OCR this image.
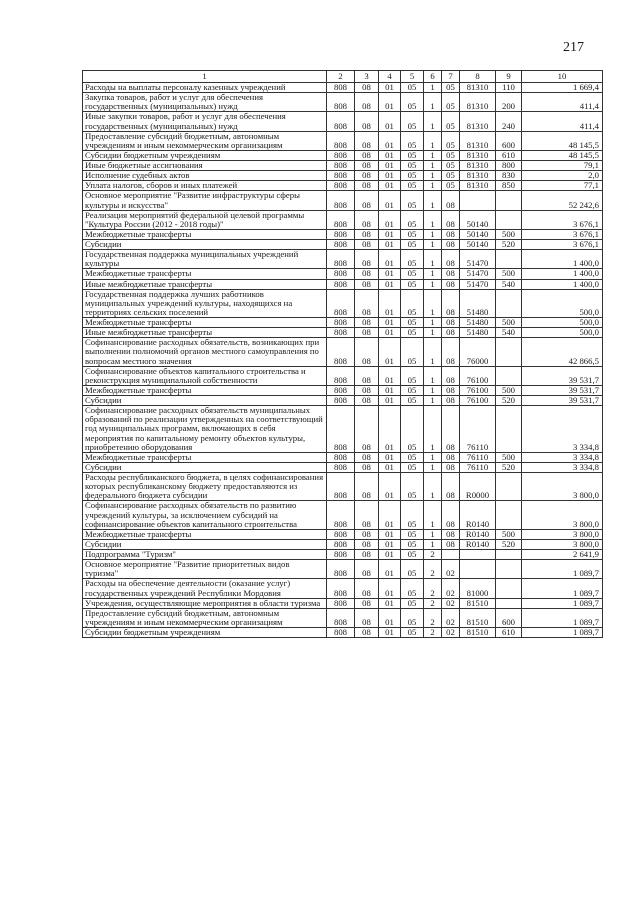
217
1	2	3	4	5	6	7	8	9	10
Расходы на выплаты персоналу казенных учреждений	808	08	01	05	1	05	81310	110	1 669,4
Закупка товаров, работ и услуг для обеспечения государственных (муниципальных) нужд	808	08	01	05	1	05	81310	200	411,4
Иные закупки товаров, работ и услуг для обеспечения государственных (муниципальных) нужд	808	08	01	05	1	05	81310	240	411,4
Предоставление субсидий бюджетным, автономным учреждениям и иным некоммерческим организациям	808	08	01	05	1	05	81310	600	48 145,5
Субсидии бюджетным учреждениям	808	08	01	05	1	05	81310	610	48 145,5
Иные бюджетные ассигнования	808	08	01	05	1	05	81310	800	79,1
Исполнение судебных актов	808	08	01	05	1	05	81310	830	2,0
Уплата налогов, сборов и иных платежей	808	08	01	05	1	05	81310	850	77,1
Основное мероприятие "Развитие инфраструктуры сферы культуры и искусства"	808	08	01	05	1	08			52 242,6
Реализация мероприятий федеральной целевой программы "Культура России (2012 - 2018 годы)"	808	08	01	05	1	08	50140		3 676,1
Межбюджетные трансферты	808	08	01	05	1	08	50140	500	3 676,1
Субсидии	808	08	01	05	1	08	50140	520	3 676,1
Государственная поддержка муниципальных учреждений культуры	808	08	01	05	1	08	51470		1 400,0
Межбюджетные трансферты	808	08	01	05	1	08	51470	500	1 400,0
Иные межбюджетные трансферты	808	08	01	05	1	08	51470	540	1 400,0
Государственная поддержка лучших работников муниципальных учреждений культуры, находящихся на территориях сельских поселений	808	08	01	05	1	08	51480		500,0
Межбюджетные трансферты	808	08	01	05	1	08	51480	500	500,0
Иные межбюджетные трансферты	808	08	01	05	1	08	51480	540	500,0
Софинансирование расходных обязательств, возникающих при выполнении полномочий органов местного самоуправления по вопросам местного значения	808	08	01	05	1	08	76000		42 866,5
Софинансирование объектов капитального строительства и реконструкция муниципальной собственности	808	08	01	05	1	08	76100		39 531,7
Межбюджетные трансферты	808	08	01	05	1	08	76100	500	39 531,7
Субсидии	808	08	01	05	1	08	76100	520	39 531,7
Софинансирование расходных обязательств муниципальных образований по реализации утвержденных на соответствующий год муниципальных программ, включающих в себя мероприятия по капитальному ремонту объектов культуры, приобретению оборудования	808	08	01	05	1	08	76110		3 334,8
Межбюджетные трансферты	808	08	01	05	1	08	76110	500	3 334,8
Субсидии	808	08	01	05	1	08	76110	520	3 334,8
Расходы республиканского бюджета, в целях софинансирования которых республиканскому бюджету предоставляются из федерального бюджета субсидии	808	08	01	05	1	08	R0000		3 800,0
Софинансирование расходных обязательств по развитию учреждений культуры, за исключением субсидий на софинансирование объектов капитального строительства	808	08	01	05	1	08	R0140		3 800,0
Межбюджетные трансферты	808	08	01	05	1	08	R0140	500	3 800,0
Субсидии	808	08	01	05	1	08	R0140	520	3 800,0
Подпрограмма "Туризм"	808	08	01	05	2				2 641,9
Основное мероприятие "Развитие приоритетных видов туризма"	808	08	01	05	2	02			1 089,7
Расходы на обеспечение деятельности (оказание услуг) государственных учреждений Республики Мордовия	808	08	01	05	2	02	81000		1 089,7
Учреждения, осуществляющие мероприятия в области туризма	808	08	01	05	2	02	81510		1 089,7
Предоставление субсидий бюджетным, автономным учреждениям и иным некоммерческим организациям	808	08	01	05	2	02	81510	600	1 089,7
Субсидии бюджетным учреждениям	808	08	01	05	2	02	81510	610	1 089,7
